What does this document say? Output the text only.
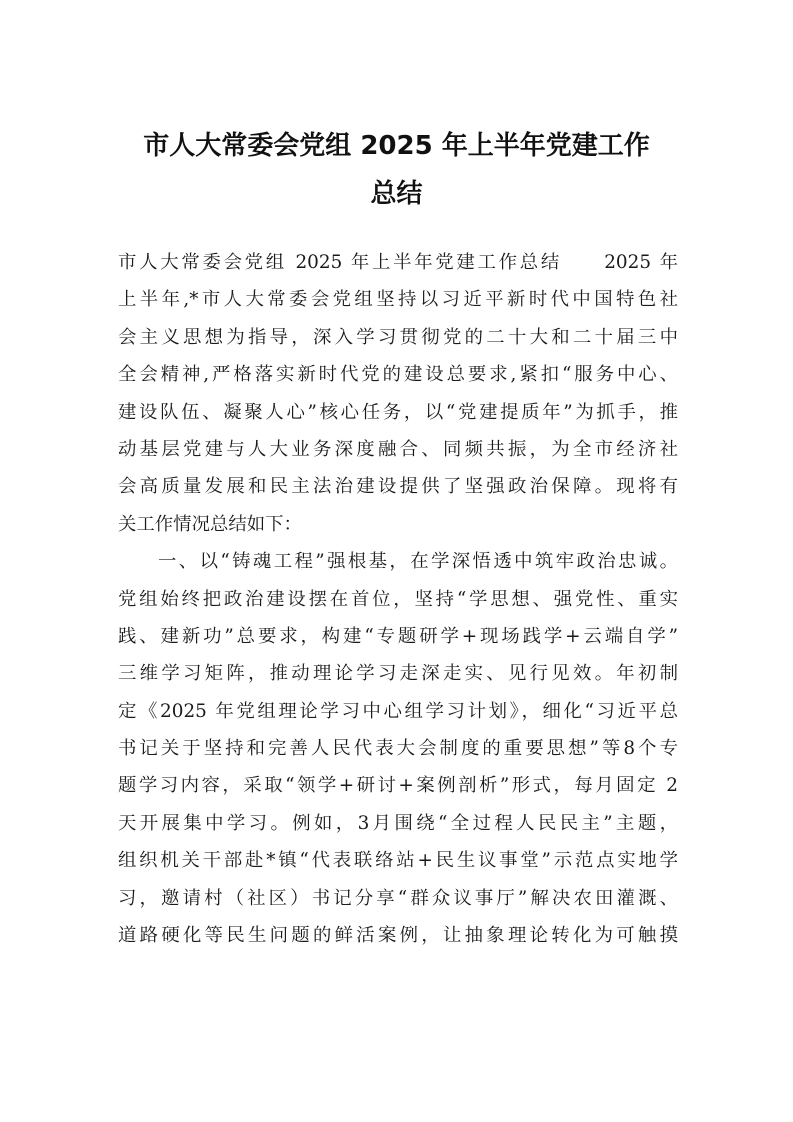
市人大常委会党组 2025 年上半年党建工作
总结
市人大常委会党组 2025 年上半年党建工作总结　　2025 年
上半年,*市人大常委会党组坚持以习近平新时代中国特色社
会主义思想为指导，深入学习贯彻党的二十大和二十届三中
全会精神,严格落实新时代党的建设总要求,紧扣“服务中心、
建设队伍、凝聚人心”核心任务，以“党建提质年”为抓手，推
动基层党建与人大业务深度融合、同频共振，为全市经济社
会高质量发展和民主法治建设提供了坚强政治保障。现将有
关工作情况总结如下：
一、以“铸魂工程”强根基，在学深悟透中筑牢政治忠诚。
党组始终把政治建设摆在首位，坚持“学思想、强党性、重实
践、建新功”总要求，构建“专题研学+现场践学+云端自学”
三维学习矩阵，推动理论学习走深走实、见行见效。年初制
定《2025 年党组理论学习中心组学习计划》，细化“习近平总
书记关于坚持和完善人民代表大会制度的重要思想”等8个专
题学习内容，采取“领学+研讨+案例剖析”形式，每月固定 2
天开展集中学习。例如，3月围绕“全过程人民民主”主题，
组织机关干部赴*镇“代表联络站+民生议事堂”示范点实地学
习，邀请村（社区）书记分享“群众议事厅”解决农田灌溉、
道路硬化等民生问题的鲜活案例，让抽象理论转化为可触摸
